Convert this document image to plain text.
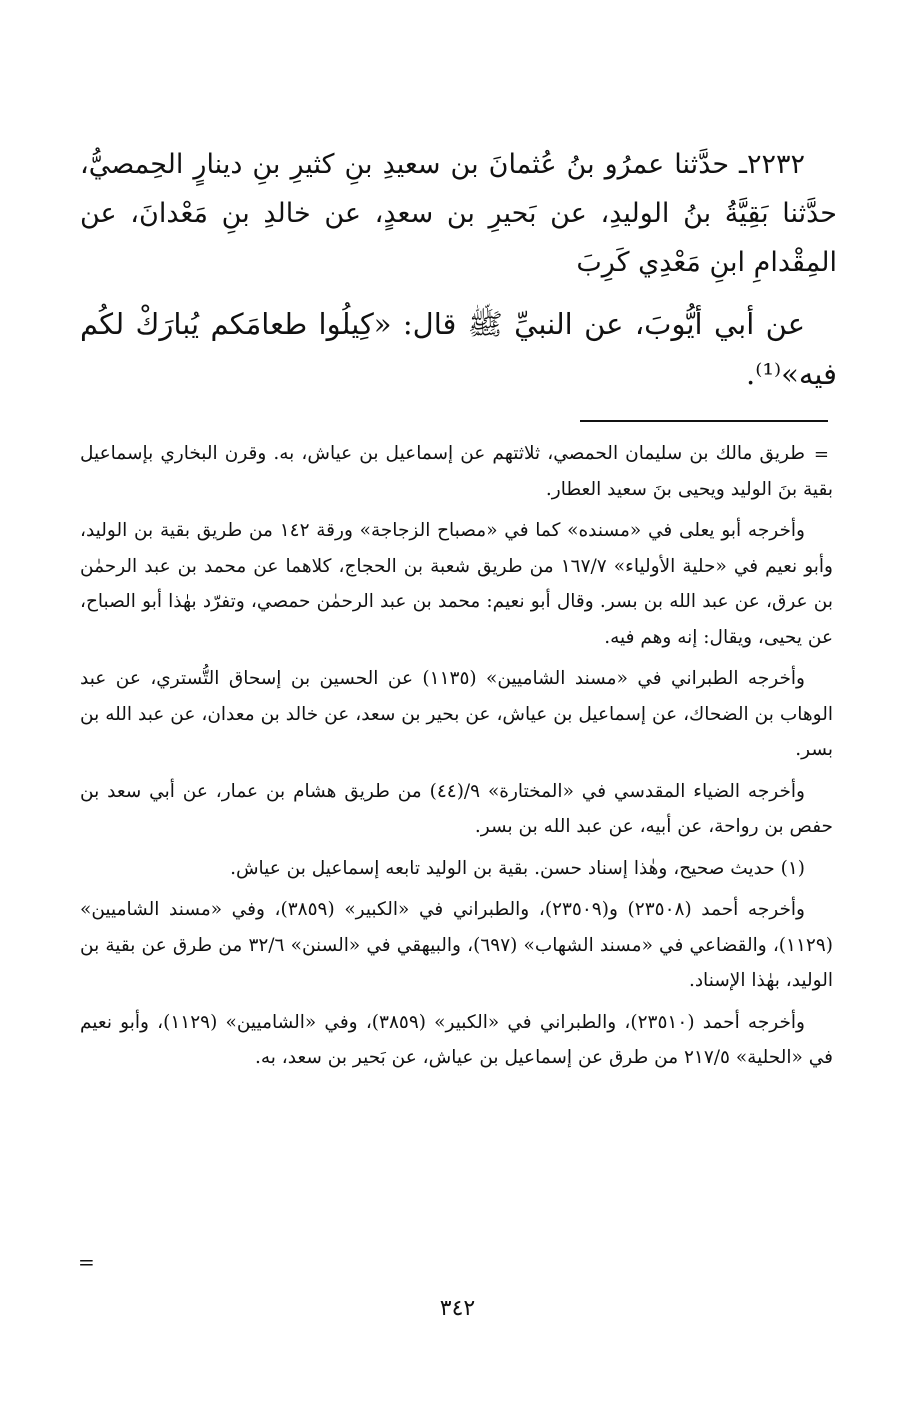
٢٢٣٢ـ حدَّثنا عمرُو بنُ عُثمانَ بن سعيدِ بنِ كثيرِ بنِ دينارٍ الحِمصيُّ، حدَّثنا بَقِيَّةُ بنُ الوليدِ، عن بَحيرِ بن سعدٍ، عن خالدِ بنِ مَعْدانَ، عن المِقْدامِ ابنِ مَعْدِي كَرِبَ

عن أبي أيُّوبَ، عن النبيِّ ﷺ قال: «كِيلُوا طعامَكم يُبارَكْ لكُم فيه»⁽¹⁾.

طريق مالك بن سليمان الحمصي، ثلاثتهم عن إسماعيل بن عياش، به. وقرن البخاري بإسماعيل بقية بنَ الوليد ويحيى بنَ سعيد العطار.

وأخرجه أبو يعلى في «مسنده» كما في «مصباح الزجاجة» ورقة ١٤٢ من طريق بقية بن الوليد، وأبو نعيم في «حلية الأولياء» ١٦٧/٧ من طريق شعبة بن الحجاج، كلاهما عن محمد بن عبد الرحمٰن بن عرق، عن عبد الله بن بسر. وقال أبو نعيم: محمد بن عبد الرحمٰن حمصي، وتفرّد بهٰذا أبو الصباح، عن يحيى، ويقال: إنه وهم فيه.

وأخرجه الطبراني في «مسند الشاميين» (١١٣٥) عن الحسين بن إسحاق التُّستري، عن عبد الوهاب بن الضحاك، عن إسماعيل بن عياش، عن بحير بن سعد، عن خالد بن معدان، عن عبد الله بن بسر.

وأخرجه الضياء المقدسي في «المختارة» ٩/(٤٤) من طريق هشام بن عمار، عن أبي سعد بن حفص بن رواحة، عن أبيه، عن عبد الله بن بسر.

(١) حديث صحيح، وهٰذا إسناد حسن. بقية بن الوليد تابعه إسماعيل بن عياش.

وأخرجه أحمد (٢٣٥٠٨) و(٢٣٥٠٩)، والطبراني في «الكبير» (٣٨٥٩)، وفي «مسند الشاميين» (١١٢٩)، والقضاعي في «مسند الشهاب» (٦٩٧)، والبيهقي في «السنن» ٣٢/٦ من طرق عن بقية بن الوليد، بهٰذا الإسناد.

وأخرجه أحمد (٢٣٥١٠)، والطبراني في «الكبير» (٣٨٥٩)، وفي «الشاميين» (١١٢٩)، وأبو نعيم في «الحلية» ٢١٧/٥ من طرق عن إسماعيل بن عياش، عن بَحير بن سعد، به.

=
=
٣٤٢
